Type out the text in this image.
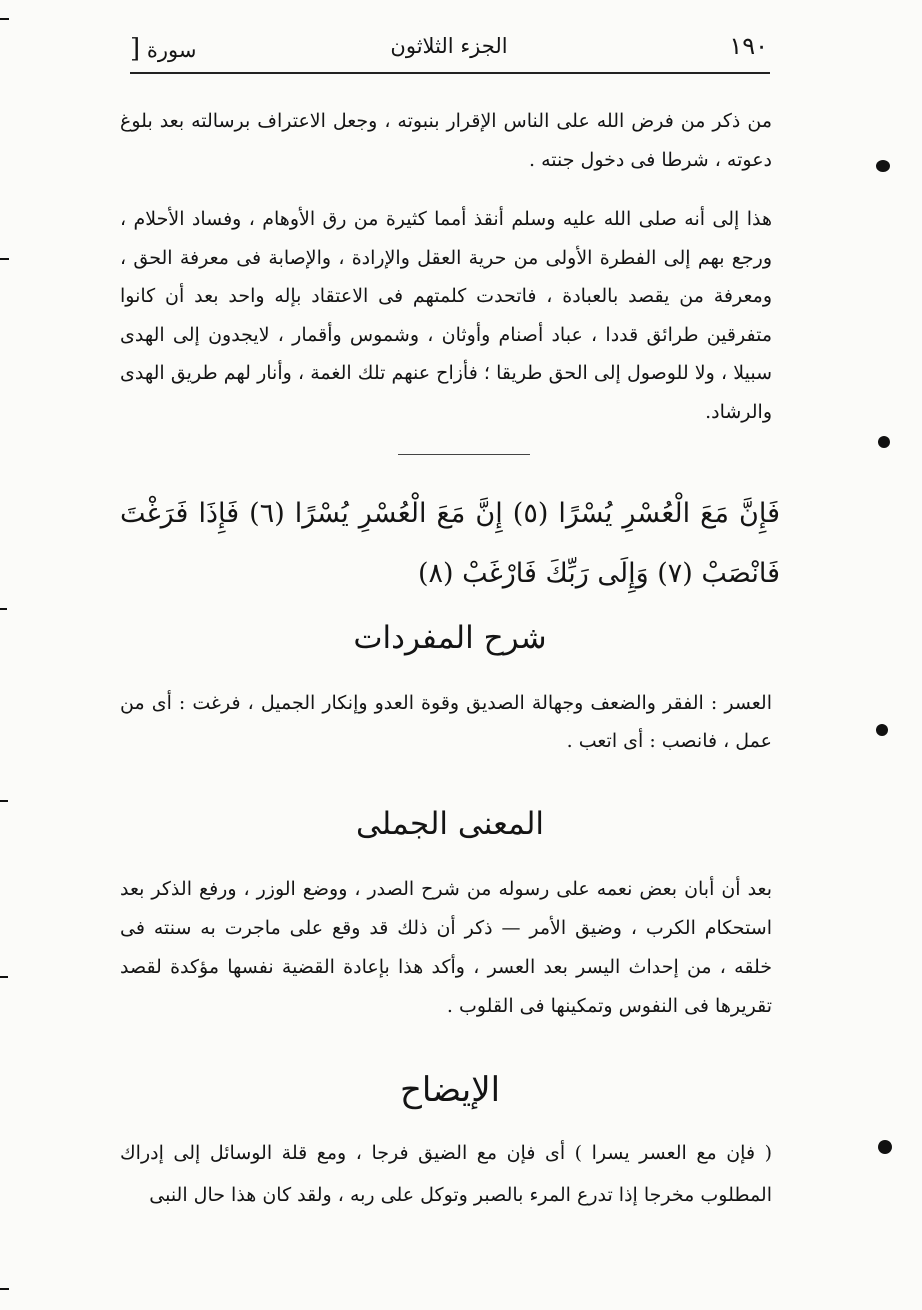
١٩٠
الجزء الثلاثون
سورة [
من ذكر من فرض الله على الناس الإقرار بنبوته ، وجعل الاعتراف برسالته بعد بلوغ دعوته ، شرطا فى دخول جنته .
هذا إلى أنه صلى الله عليه وسلم أنقذ أمما كثيرة من رق الأوهام ، وفساد الأحلام ، ورجع بهم إلى الفطرة الأولى من حرية العقل والإرادة ، والإصابة فى معرفة الحق ، ومعرفة من يقصد بالعبادة ، فاتحدت كلمتهم فى الاعتقاد بإله واحد بعد أن كانوا متفرقين طرائق قددا ، عباد أصنام وأوثان ، وشموس وأقمار ، لايجدون إلى الهدى سبيلا ، ولا للوصول إلى الحق طريقا ؛ فأزاح عنهم تلك الغمة ، وأنار لهم طريق الهدى والرشاد.
فَإِنَّ مَعَ الْعُسْرِ يُسْرًا (٥) إِنَّ مَعَ الْعُسْرِ يُسْرًا (٦) فَإِذَا فَرَغْتَ فَانْصَبْ (٧) وَإِلَى رَبِّكَ فَارْغَبْ (٨)
شرح المفردات
العسر : الفقر والضعف وجهالة الصديق وقوة العدو وإنكار الجميل ، فرغت : أى من عمل ، فانصب : أى اتعب .
المعنى الجملى
بعد أن أبان بعض نعمه على رسوله من شرح الصدر ، ووضع الوزر ، ورفع الذكر بعد استحكام الكرب ، وضيق الأمر — ذكر أن ذلك قد وقع على ماجرت به سنته فى خلقه ، من إحداث اليسر بعد العسر ، وأكد هذا بإعادة القضية نفسها مؤكدة لقصد تقريرها فى النفوس وتمكينها فى القلوب .
الإيضاح
( فإن مع العسر يسرا ) أى فإن مع الضيق فرجا ، ومع قلة الوسائل إلى إدراك المطلوب مخرجا إذا تدرع المرء بالصبر وتوكل على ربه ، ولقد كان هذا حال النبى
